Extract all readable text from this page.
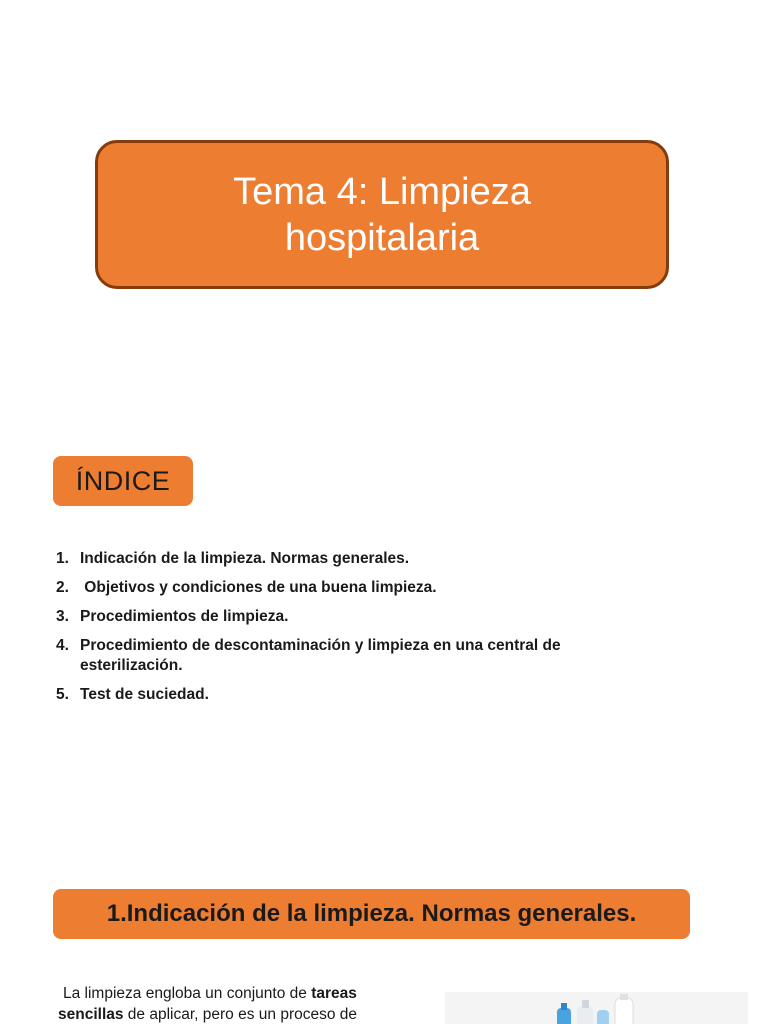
Tema 4: Limpieza
hospitalaria
ÍNDICE
1. Indicación de la limpieza. Normas generales.
2. Objetivos y condiciones de una buena limpieza.
3. Procedimientos de limpieza.
4. Procedimiento de descontaminación y limpieza en una central de esterilización.
5. Test de suciedad.
1.Indicación de la limpieza. Normas generales.
La limpieza engloba un conjunto de tareas sencillas de aplicar, pero es un proceso de
